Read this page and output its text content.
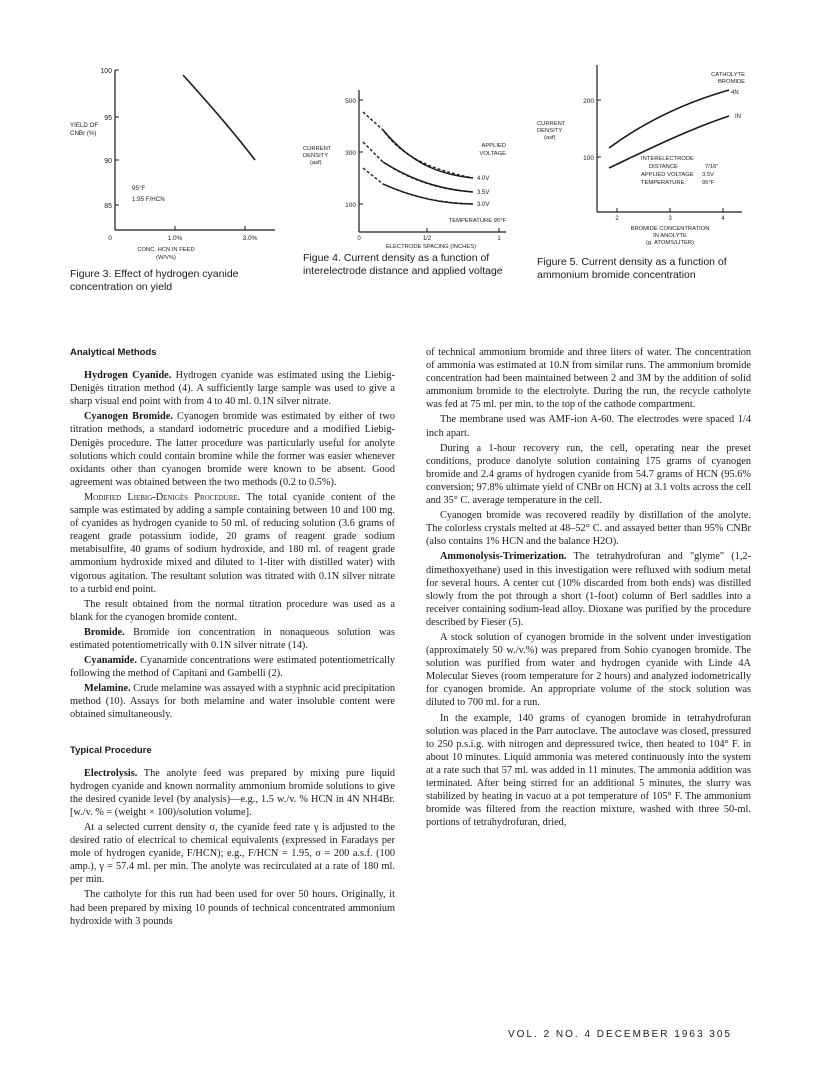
100
95
90
85
0	1.0%	3.0%
YIELD OF
CNBr (%)
95°F
1.95 F/HCN
CONC. HCN IN FEED
(W/V%)

Figure 3. Effect of hydrogen cyanide concentration on yield

500
300
100
0	1/2	1
CURRENT
DENSITY
(asf)
APPLIED
VOLTAGE
4.0V
3.5V
3.0V
TEMPERATURE 95°F
ELECTRODE SPACING (INCHES)

Figue 4. Current density as a function of interelectrode distance and applied voltage

200
100
2	3	4
CURRENT
DENSITY
(asf)
CATHOLYTE
BROMIDE
4N
IN
INTERELECTRODE
DISTANCE	7/16"
APPLIED VOLTAGE 3.5V
TEMPERATURE:	95°F
BROMIDE CONCENTRATION
IN ANOLYTE
(g. ATOMS/LITER)

Figure 5. Current density as a function of ammonium bromide concentration

Analytical Methods

Hydrogen Cyanide. Hydrogen cyanide was estimated using the Liebig-Denigès titration method (4). A sufficiently large sample was used to give a sharp visual end point with from 4 to 40 ml. 0.1N silver nitrate.

Cyanogen Bromide. Cyanogen bromide was estimated by either of two titration methods, a standard iodometric procedure and a modified Liebig-Denigès procedure. The latter procedure was particularly useful for anolyte solutions which could contain bromine while the former was easier whenever oxidants other than cyanogen bromide were known to be absent. Good agreement was obtained between the two methods (0.2 to 0.5%).

Modified Liebig-Denigès Procedure. The total cyanide content of the sample was estimated by adding a sample containing between 10 and 100 mg. of cyanides as hydrogen cyanide to 50 ml. of reducing solution (3.6 grams of reagent grade potassium iodide, 20 grams of reagent grade sodium metabisulfite, 40 grams of sodium hydroxide, and 180 ml. of reagent grade ammonium hydroxide mixed and diluted to 1-liter with distilled water) with vigorous agitation. The resultant solution was titrated with 0.1N silver nitrate to a turbid end point.

The result obtained from the normal titration procedure was used as a blank for the cyanogen bromide content.

Bromide. Bromide ion concentration in nonaqueous solution was estimated potentiometrically with 0.1N silver nitrate (14).

Cyanamide. Cyanamide concentrations were estimated potentiometrically following the method of Capitani and Gambelli (2).

Melamine. Crude melamine was assayed with a styphnic acid precipitation method (10). Assays for both melamine and water insoluble content were obtained simultaneously.

Typical Procedure

Electrolysis. The anolyte feed was prepared by mixing pure liquid hydrogen cyanide and known normality ammonium bromide solutions to give the desired cyanide level (by analysis)—e.g., 1.5 w./v. % HCN in 4N NH4Br. [w./v. % = (weight × 100)/solution volume].

At a selected current density σ, the cyanide feed rate γ is adjusted to the desired ratio of electrical to chemical equivalents (expressed in Faradays per mole of hydrogen cyanide, F/HCN); e.g., F/HCN = 1.95, σ = 200 a.s.f. (100 amp.), γ = 57.4 ml. per min. The anolyte was recirculated at a rate of 180 ml. per min.

The catholyte for this run had been used for over 50 hours. Originally, it had been prepared by mixing 10 pounds of technical concentrated ammonium hydroxide with 3 pounds

of technical ammonium bromide and three liters of water. The concentration of ammonia was estimated at 10.N from similar runs. The ammonium bromide concentration had been maintained between 2 and 3M by the addition of solid ammonium bromide to the electrolyte. During the run, the recycle catholyte was fed at 75 ml. per min. to the top of the cathode compartment.

The membrane used was AMF-ion A-60. The electrodes were spaced 1/4 inch apart.

During a 1-hour recovery run, the cell, operating near the preset conditions, produce danolyte solution containing 175 grams of cyanogen bromide and 2.4 grams of hydrogen cyanide from 54.7 grams of HCN (95.6% conversion; 97.8% ultimate yield of CNBr on HCN) at 3.1 volts across the cell and 35° C. average temperature in the cell.

Cyanogen bromide was recovered readily by distillation of the anolyte. The colorless crystals melted at 48–52° C. and assayed better than 95% CNBr (also contains 1% HCN and the balance H2O).

Ammonolysis-Trimerization. The tetrahydrofuran and "glyme" (1,2-dimethoxyethane) used in this investigation were refluxed with sodium metal for several hours. A center cut (10% discarded from both ends) was distilled slowly from the pot through a short (1-foot) column of Berl saddles into a receiver containing sodium-lead alloy. Dioxane was purified by the procedure described by Fieser (5).

A stock solution of cyanogen bromide in the solvent under investigation (approximately 50 w./v.%) was prepared from Sohio cyanogen bromide. The solution was purified from water and hydrogen cyanide with Linde 4A Molecular Sieves (room temperature for 2 hours) and analyzed iodometrically for cyanogen bromide. An appropriate volume of the stock solution was diluted to 700 ml. for a run.

In the example, 140 grams of cyanogen bromide in tetrahydrofuran solution was placed in the Parr autoclave. The autoclave was closed, pressured to 250 p.s.i.g. with nitrogen and depressured twice, then heated to 104° F. in about 10 minutes. Liquid ammonia was metered continuously into the system at a rate such that 57 ml. was added in 11 minutes. The ammonia addition was terminated. After being stirred for an additional 5 minutes, the slurry was stabilized by heating in vacuo at a pot temperature of 105° F. The ammonium bromide was filtered from the reaction mixture, washed with three 50-ml. portions of tetrahydrofuran, dried,

VOL. 2 NO. 4 DECEMBER 1963 305
